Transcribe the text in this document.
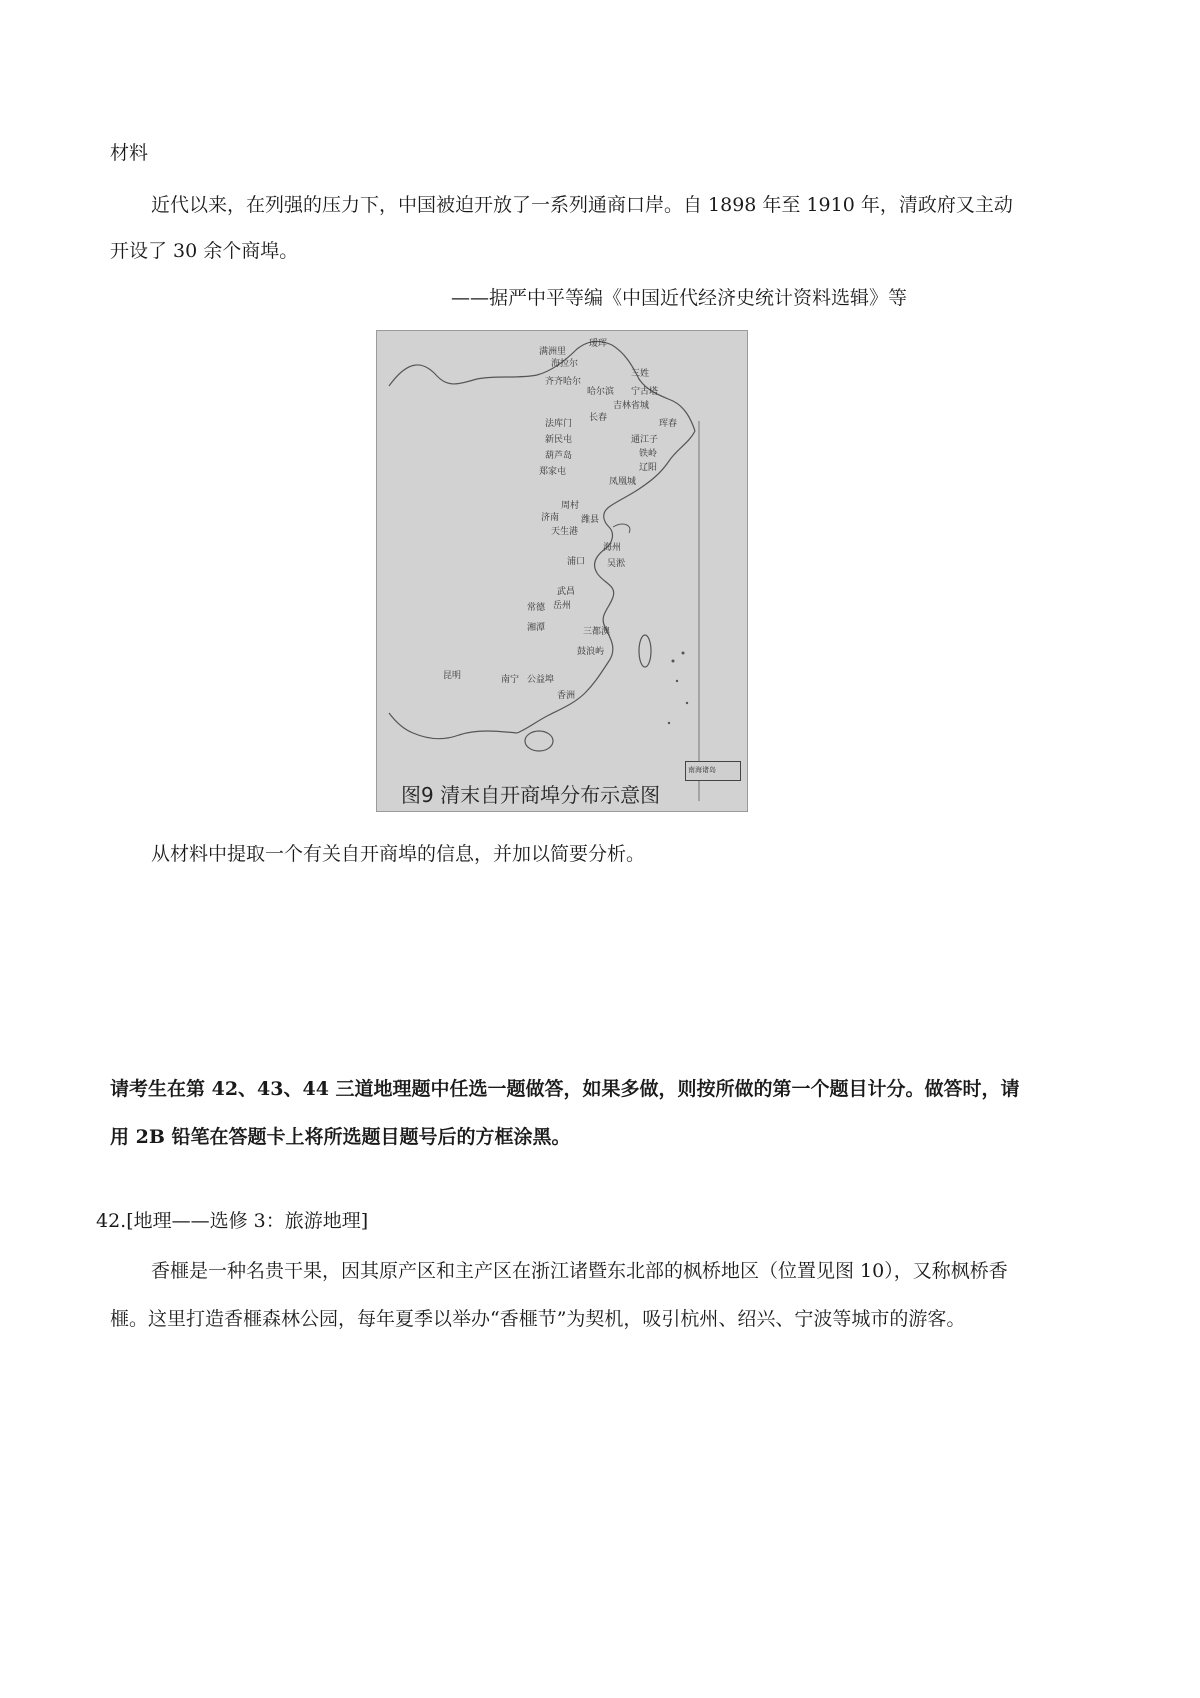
材料
近代以来，在列强的压力下，中国被迫开放了一系列通商口岸。自 1898 年至 1910 年，清政府又主动
开设了 30 余个商埠。
——据严中平等编《中国近代经济史统计资料选辑》等
满洲里
瑷珲
海拉尔
齐齐哈尔
三姓
哈尔滨 宁古塔
吉林省城
长春
珲春
法库门
新民屯	通江子
铁岭
葫芦岛
辽阳
凤凰城
郑家屯
周村
潍县
济南
天生港
海州
浦口 吴淞
武昌
常德 岳州
湘潭	三都澳
鼓浪屿
昆明	南宁 公益埠
香洲
南海诸岛
图9 清末自开商埠分布示意图
从材料中提取一个有关自开商埠的信息，并加以简要分析。
请考生在第 42、43、44 三道地理题中任选一题做答，如果多做，则按所做的第一个题目计分。做答时，请
用 2B 铅笔在答题卡上将所选题目题号后的方框涂黑。
42.[地理——选修 3：旅游地理]
香榧是一种名贵干果，因其原产区和主产区在浙江诸暨东北部的枫桥地区（位置见图 10），又称枫桥香
榧。这里打造香榧森林公园，每年夏季以举办“香榧节”为契机，吸引杭州、绍兴、宁波等城市的游客。
